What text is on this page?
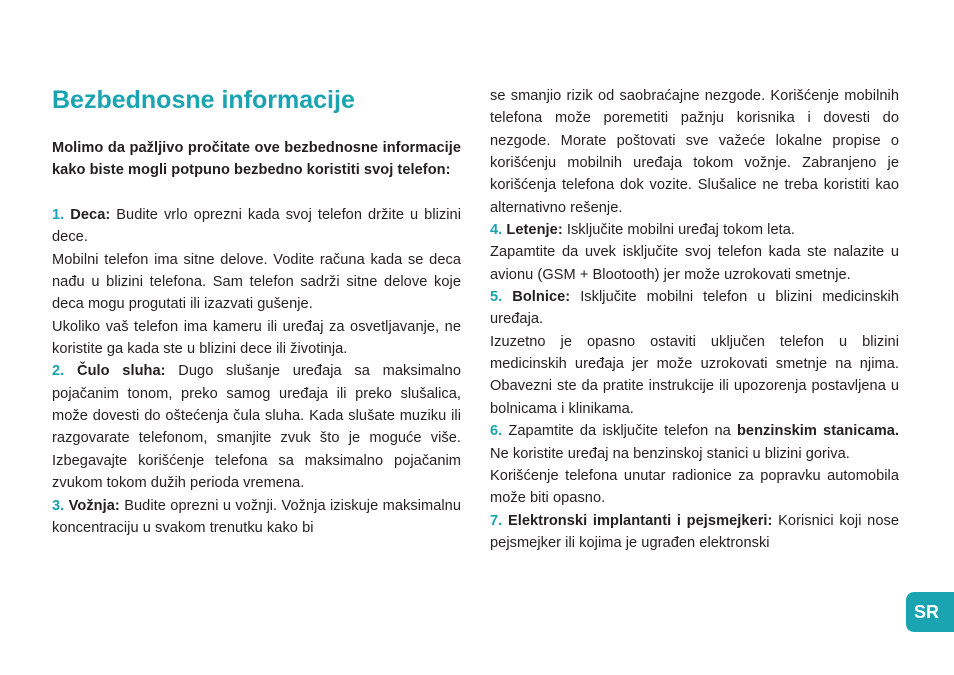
Bezbednosne informacije

Molimo da pažljivo pročitate ove bezbednosne informacije kako biste mogli potpuno bezbedno koristiti svoj telefon:

1. Deca: Budite vrlo oprezni kada svoj telefon držite u blizini dece.

Mobilni telefon ima sitne delove. Vodite računa kada se deca nađu u blizini telefona. Sam telefon sadrži sitne delove koje deca mogu progutati ili izazvati gušenje.

Ukoliko vaš telefon ima kameru ili uređaj za osvetljavanje, ne koristite ga kada ste u blizini dece ili životinja.

2. Čulo sluha: Dugo slušanje uređaja sa maksimalno pojačanim tonom, preko samog uređaja ili preko slušalica, može dovesti do oštećenja čula sluha. Kada slušate muziku ili razgovarate telefonom, smanjite zvuk što je moguće više. Izbegavajte korišćenje telefona sa maksimalno pojačanim zvukom tokom dužih perioda vremena.

3. Vožnja: Budite oprezni u vožnji. Vožnja iziskuje maksimalnu koncentraciju u svakom trenutku kako bi

se smanjio rizik od saobraćajne nezgode. Korišćenje mobilnih telefona može poremetiti pažnju korisnika i dovesti do nezgode. Morate poštovati sve važeće lokalne propise o korišćenju mobilnih uređaja tokom vožnje. Zabranjeno je korišćenja telefona dok vozite. Slušalice ne treba koristiti kao alternativno rešenje.

4. Letenje: Isključite mobilni uređaj tokom leta.

Zapamtite da uvek isključite svoj telefon kada ste nalazite u avionu (GSM + Blootooth) jer može uzrokovati smetnje.

5. Bolnice: Isključite mobilni telefon u blizini medicinskih uređaja.

Izuzetno je opasno ostaviti uključen telefon u blizini medicinskih uređaja jer može uzrokovati smetnje na njima. Obavezni ste da pratite instrukcije ili upozorenja postavljena u bolnicama i klinikama.

6. Zapamtite da isključite telefon na benzinskim stanicama. Ne koristite uređaj na benzinskoj stanici u blizini goriva.

Korišćenje telefona unutar radionice za popravku automobila može biti opasno.

7. Elektronski implantanti i pejsmejkeri: Korisnici koji nose pejsmejker ili kojima je ugrađen elektronski

SR
